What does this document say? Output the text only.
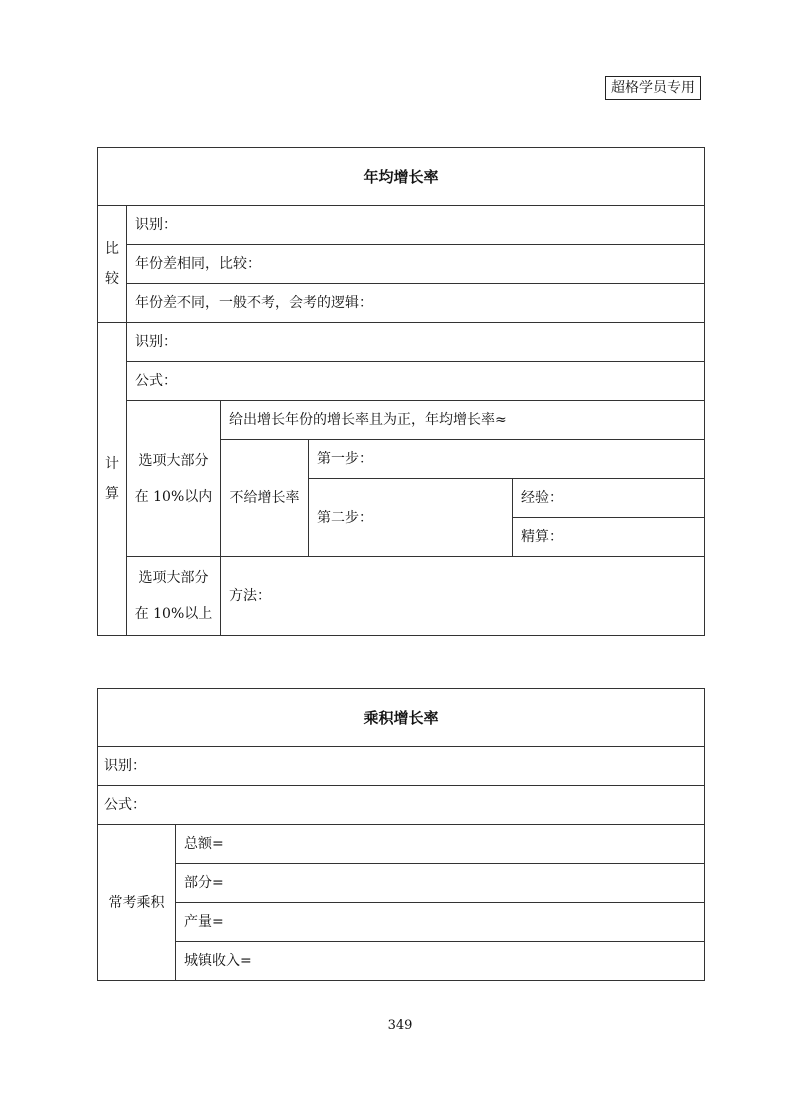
超格学员专用
年均增长率				

比
较	识别：			
	年份差相同，比较：			
	年份差不同，一般不考，会考的逻辑：			

计
算	识别：			
	公式：			

	选项大部分
在 10%以内	给出增长年份的增长率且为正，年均增长率≈		
		不给增长率	第一步：	
			第二步：	经验：
				精算：

	选项大部分
在 10%以上	方法：		
乘积增长率
识别：
公式：
常考乘积	总额=
部分=
产量=
城镇收入=
349
